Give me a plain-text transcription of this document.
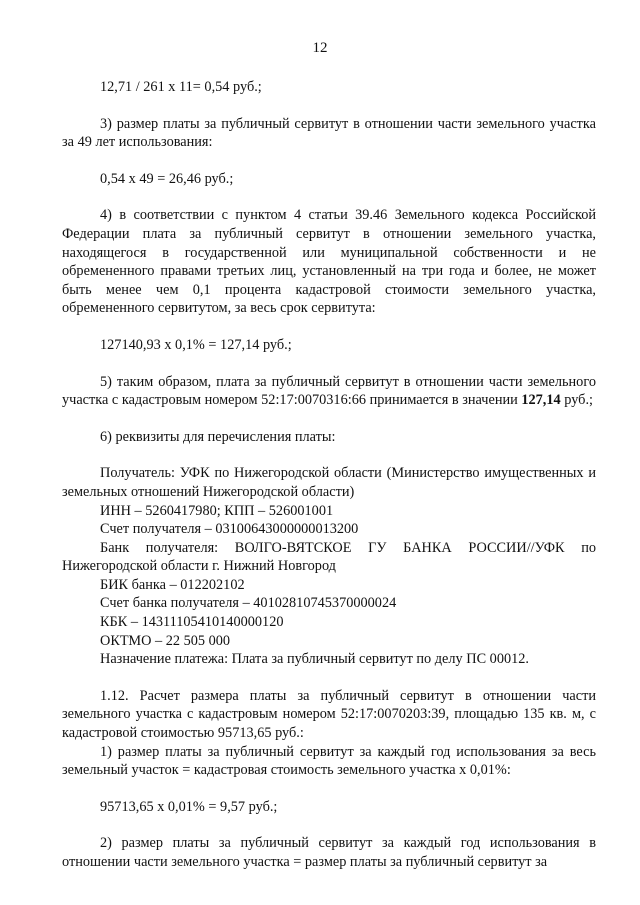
12

12,71 / 261 х 11= 0,54 руб.;

3) размер платы за публичный сервитут в отношении части земельного участка за 49 лет использования:

0,54 х 49 = 26,46 руб.;

4) в соответствии с пунктом 4 статьи 39.46 Земельного кодекса Российской Федерации плата за публичный сервитут в отношении земельного участка, находящегося в государственной или муниципальной собственности и не обремененного правами третьих лиц, установленный на три года и более, не может быть менее чем 0,1 процента кадастровой стоимости земельного участка, обремененного сервитутом, за весь срок сервитута:

127140,93 х 0,1% = 127,14 руб.;

5) таким образом, плата за публичный сервитут в отношении части земельного участка с кадастровым номером 52:17:0070316:66 принимается в значении 127,14 руб.;

6) реквизиты для перечисления платы:

Получатель: УФК по Нижегородской области (Министерство имущественных и земельных отношений Нижегородской области)

ИНН – 5260417980; КПП – 526001001

Счет получателя – 03100643000000013200

Банк получателя: ВОЛГО-ВЯТСКОЕ ГУ БАНКА РОССИИ//УФК по Нижегородской области г. Нижний Новгород

БИК банка – 012202102

Счет банка получателя – 40102810745370000024

КБК – 14311105410140000120

ОКТМО – 22 505 000

Назначение платежа: Плата за публичный сервитут по делу ПС 00012.

1.12. Расчет размера платы за публичный сервитут в отношении части земельного участка с кадастровым номером 52:17:0070203:39, площадью 135 кв. м, с кадастровой стоимостью 95713,65 руб.:

1) размер платы за публичный сервитут за каждый год использования за весь земельный участок = кадастровая стоимость земельного участка х 0,01%:

95713,65 х 0,01% = 9,57 руб.;

2) размер платы за публичный сервитут за каждый год использования в отношении части земельного участка = размер платы за публичный сервитут за
